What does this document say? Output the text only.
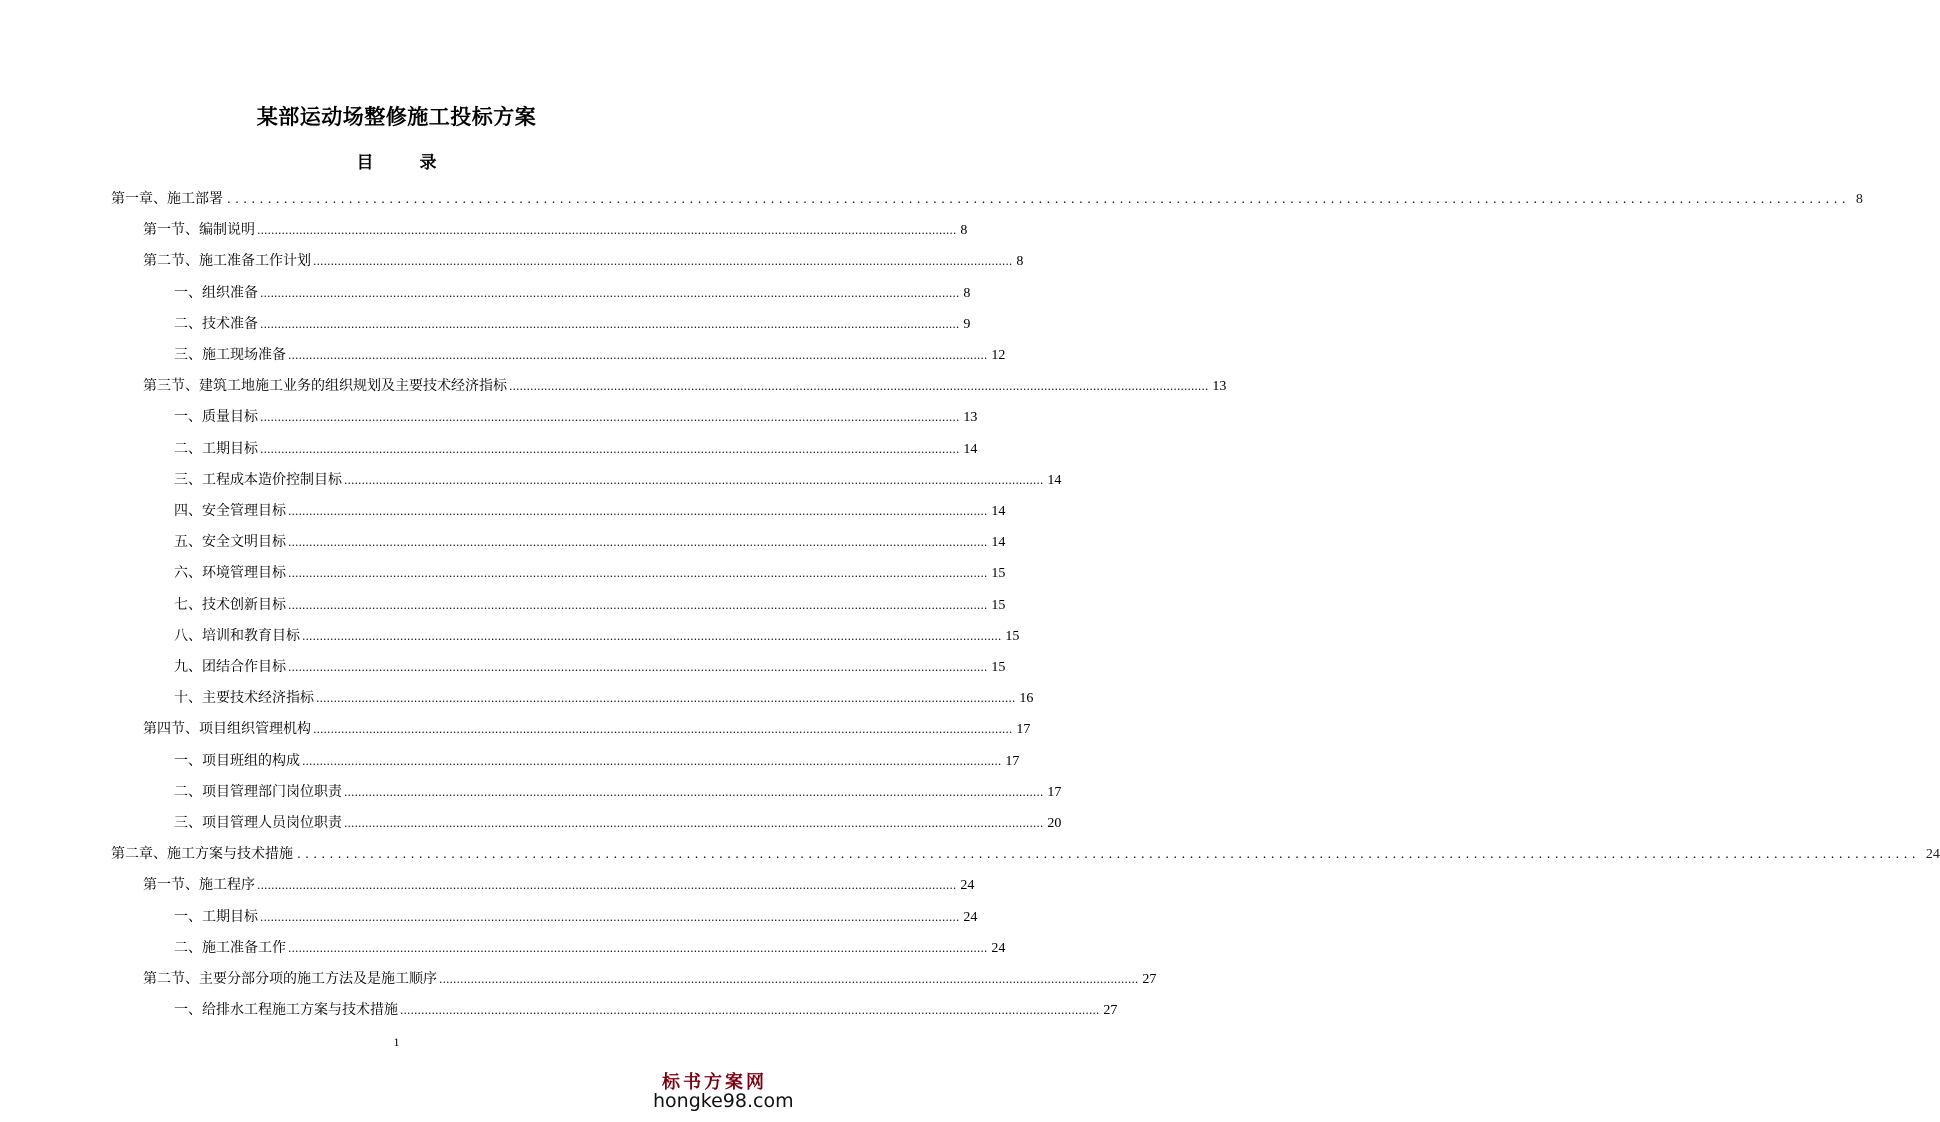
某部运动场整修施工投标方案
目 录
第一章、施工部署 ........................................................................................................................................................................................................ 8
第一节、编制说明 ........................................................................................................................................................................................................ 8
第二节、施工准备工作计划 ........................................................................................................................................................................................................ 8
一、组织准备 ........................................................................................................................................................................................................ 8
二、技术准备 ........................................................................................................................................................................................................ 9
三、施工现场准备 ........................................................................................................................................................................................................ 12
第三节、建筑工地施工业务的组织规划及主要技术经济指标 ........................................................................................................................................................................................................ 13
一、质量目标 ........................................................................................................................................................................................................ 13
二、工期目标 ........................................................................................................................................................................................................ 14
三、工程成本造价控制目标 ........................................................................................................................................................................................................ 14
四、安全管理目标 ........................................................................................................................................................................................................ 14
五、安全文明目标 ........................................................................................................................................................................................................ 14
六、环境管理目标 ........................................................................................................................................................................................................ 15
七、技术创新目标 ........................................................................................................................................................................................................ 15
八、培训和教育目标 ........................................................................................................................................................................................................ 15
九、团结合作目标 ........................................................................................................................................................................................................ 15
十、主要技术经济指标 ........................................................................................................................................................................................................ 16
第四节、项目组织管理机构 ........................................................................................................................................................................................................ 17
一、项目班组的构成 ........................................................................................................................................................................................................ 17
二、项目管理部门岗位职责 ........................................................................................................................................................................................................ 17
三、项目管理人员岗位职责 ........................................................................................................................................................................................................ 20
第二章、施工方案与技术措施 ........................................................................................................................................................................................................ 24
第一节、施工程序 ........................................................................................................................................................................................................ 24
一、工期目标 ........................................................................................................................................................................................................ 24
二、施工准备工作 ........................................................................................................................................................................................................ 24
第二节、主要分部分项的施工方法及是施工顺序 ........................................................................................................................................................................................................ 27
一、给排水工程施工方案与技术措施 ........................................................................................................................................................................................................ 27
1
标书方案网
hongke98.com
